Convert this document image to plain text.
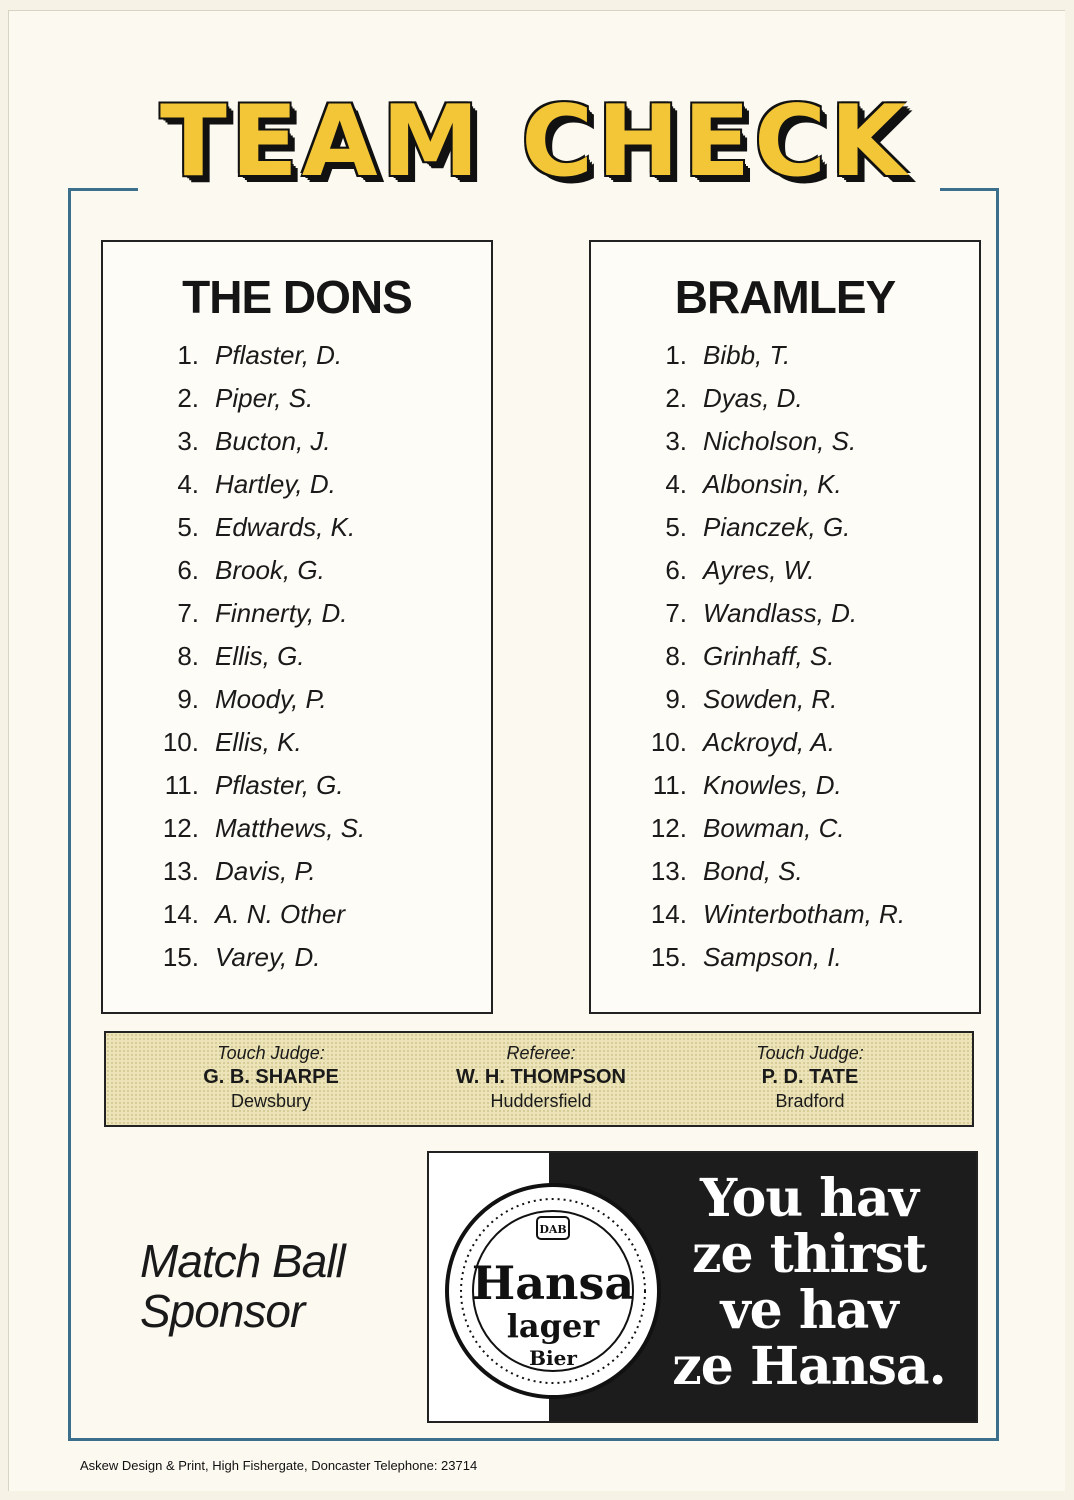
TEAM CHECK
THE DONS
1. Pflaster, D.
2. Piper, S.
3. Bucton, J.
4. Hartley, D.
5. Edwards, K.
6. Brook, G.
7. Finnerty, D.
8. Ellis, G.
9. Moody, P.
10. Ellis, K.
11. Pflaster, G.
12. Matthews, S.
13. Davis, P.
14. A. N. Other
15. Varey, D.
BRAMLEY
1. Bibb, T.
2. Dyas, D.
3. Nicholson, S.
4. Albonsin, K.
5. Pianczek, G.
6. Ayres, W.
7. Wandlass, D.
8. Grinhaff, S.
9. Sowden, R.
10. Ackroyd, A.
11. Knowles, D.
12. Bowman, C.
13. Bond, S.
14. Winterbotham, R.
15. Sampson, I.
Touch Judge:
G. B. SHARPE
Dewsbury
Referee:
W. H. THOMPSON
Huddersfield
Touch Judge:
P. D. TATE
Bradford
Match Ball
Sponsor
DAB
Hansa
lager
Bier
You hav
ze thirst
ve hav
ze Hansa.
Askew Design & Print, High Fishergate, Doncaster Telephone: 23714
